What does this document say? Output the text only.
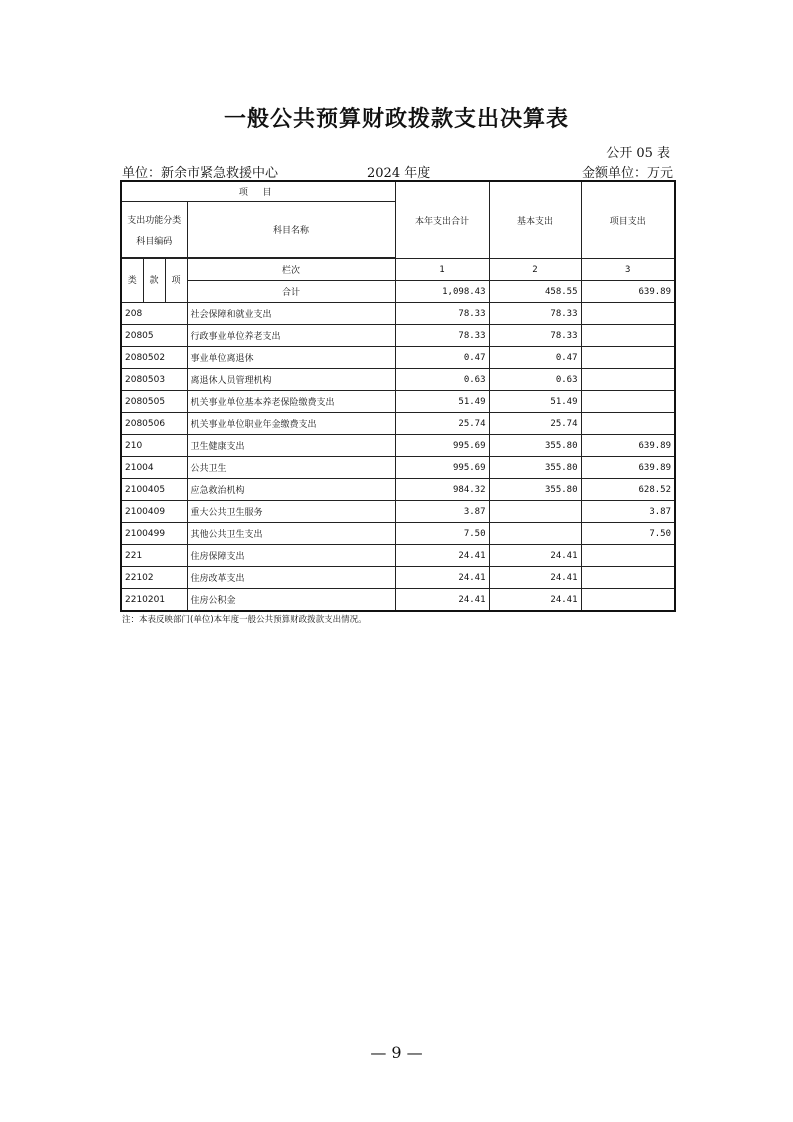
一般公共预算财政拨款支出决算表
公开 05 表
单位：新余市紧急救援中心	2024 年度	金额单位：万元
项 目				本年支出合计	基本支出	项目支出

支出功能分类
科目编码			科目名称			

类	款	项	栏次	1	2	3
			合计	1,098.43	458.55	639.89
208			社会保障和就业支出	78.33	78.33	
20805			行政事业单位养老支出	78.33	78.33	
2080502			事业单位离退休	0.47	0.47	
2080503			离退休人员管理机构	0.63	0.63	
2080505			机关事业单位基本养老保险缴费支出	51.49	51.49	
2080506			机关事业单位职业年金缴费支出	25.74	25.74	
210			卫生健康支出	995.69	355.80	639.89
21004			公共卫生	995.69	355.80	639.89
2100405			应急救治机构	984.32	355.80	628.52
2100409			重大公共卫生服务	3.87		3.87
2100499			其他公共卫生支出	7.50		7.50
221			住房保障支出	24.41	24.41	
22102			住房改革支出	24.41	24.41	
2210201			住房公积金	24.41	24.41	
注：本表反映部门(单位)本年度一般公共预算财政拨款支出情况。
— 9 —
